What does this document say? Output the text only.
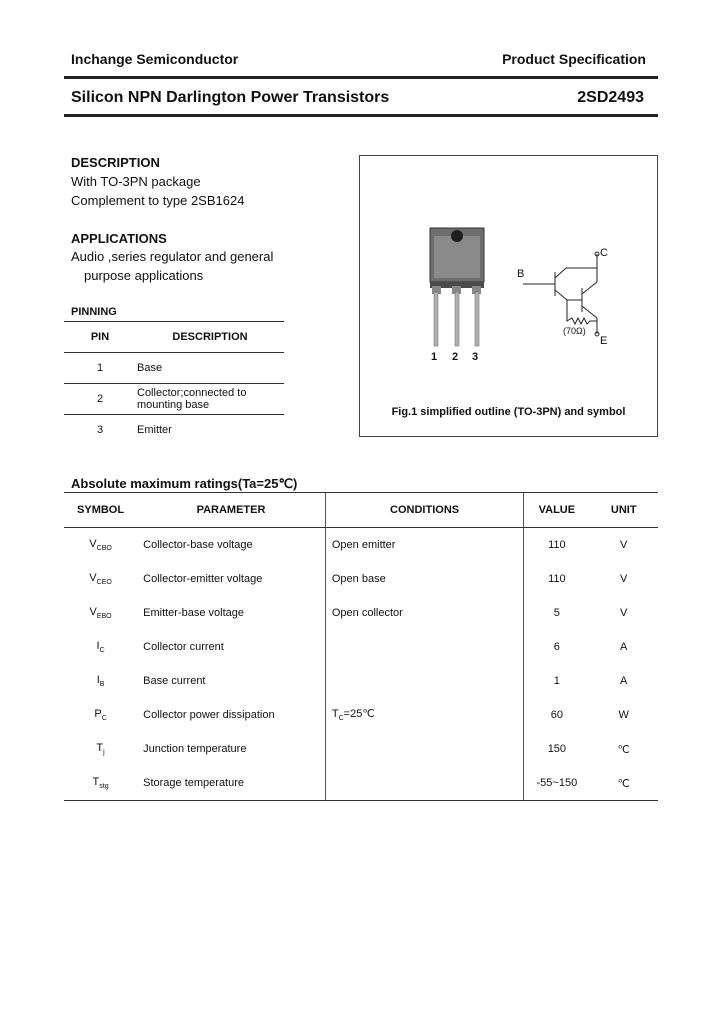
Inchange Semiconductor	Product Specification
Silicon NPN Darlington Power Transistors	2SD2493
DESCRIPTION
With TO-3PN package
Complement to type 2SB1624
APPLICATIONS
Audio ,series regulator and general
purpose applications
PINNING
PIN	DESCRIPTION
1	Base
2	Collector;connected to
mounting base
3	Emitter
B
C
E
(70Ω)
1 2 3
Fig.1 simplified outline (TO-3PN) and symbol
Absolute maximum ratings(Ta=25℃)
SYMBOL	PARAMETER	CONDITIONS	VALUE	UNIT
$V_{CBO}$	Collector-base voltage	Open emitter	110	V
$V_{CEO}$	Collector-emitter voltage	Open base	110	V
$V_{EBO}$	Emitter-base voltage	Open collector	5	V
$I_C$	Collector current		6	A
$I_B$	Base current		1	A
$P_C$	Collector power dissipation	$T_C=25℃$	60	W
$T_j$	Junction temperature		150	℃
$T_{stg}$	Storage temperature		-55~150	℃
